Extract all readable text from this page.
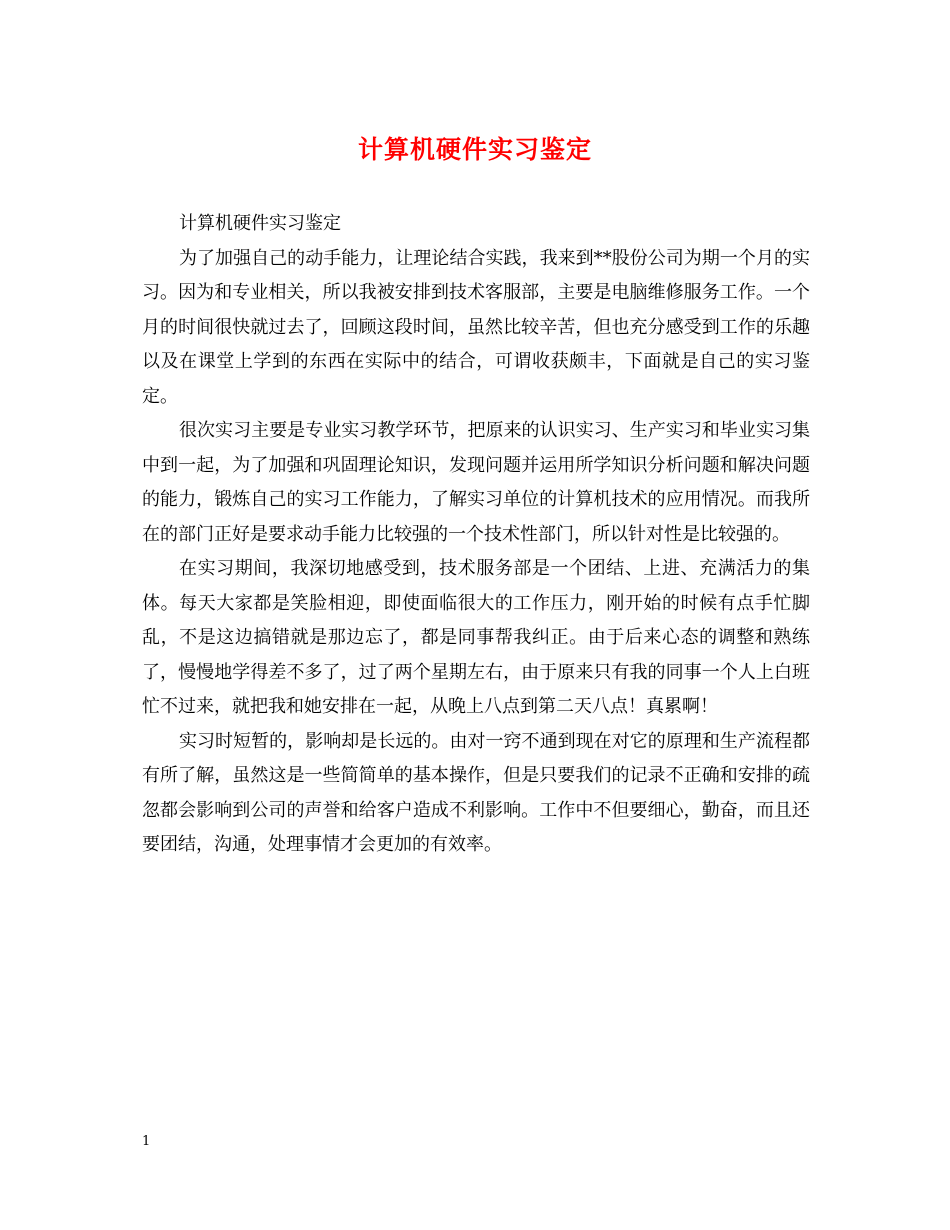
计算机硬件实习鉴定

计算机硬件实习鉴定

为了加强自己的动手能力，让理论结合实践，我来到**股份公司为期一个月的实习。因为和专业相关，所以我被安排到技术客服部，主要是电脑维修服务工作。一个月的时间很快就过去了，回顾这段时间，虽然比较辛苦，但也充分感受到工作的乐趣以及在课堂上学到的东西在实际中的结合，可谓收获颇丰，下面就是自己的实习鉴定。

很次实习主要是专业实习教学环节，把原来的认识实习、生产实习和毕业实习集中到一起，为了加强和巩固理论知识，发现问题并运用所学知识分析问题和解决问题的能力，锻炼自己的实习工作能力，了解实习单位的计算机技术的应用情况。而我所在的部门正好是要求动手能力比较强的一个技术性部门，所以针对性是比较强的。

在实习期间，我深切地感受到，技术服务部是一个团结、上进、充满活力的集体。每天大家都是笑脸相迎，即使面临很大的工作压力，刚开始的时候有点手忙脚乱，不是这边搞错就是那边忘了，都是同事帮我纠正。由于后来心态的调整和熟练了，慢慢地学得差不多了，过了两个星期左右，由于原来只有我的同事一个人上白班忙不过来，就把我和她安排在一起，从晚上八点到第二天八点！真累啊！

实习时短暂的，影响却是长远的。由对一窍不通到现在对它的原理和生产流程都有所了解，虽然这是一些简简单的基本操作，但是只要我们的记录不正确和安排的疏忽都会影响到公司的声誉和给客户造成不利影响。工作中不但要细心，勤奋，而且还要团结，沟通，处理事情才会更加的有效率。

1
